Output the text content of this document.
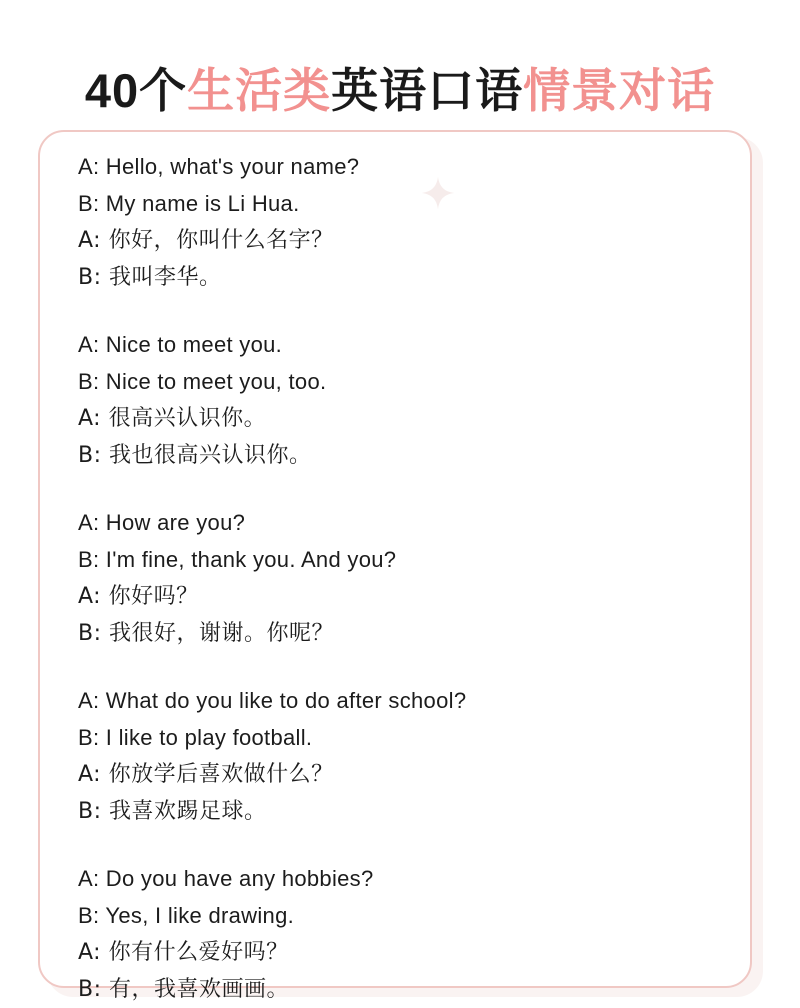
40个生活类英语口语情景对话
A: Hello, what's your name?
B: My name is Li Hua.
A: 你好，你叫什么名字？
B: 我叫李华。
A: Nice to meet you.
B: Nice to meet you, too.
A: 很高兴认识你。
B: 我也很高兴认识你。
A: How are you?
B: I'm fine, thank you. And you?
A: 你好吗？
B: 我很好，谢谢。你呢？
A: What do you like to do after school?
B: I like to play football.
A: 你放学后喜欢做什么？
B: 我喜欢踢足球。
A: Do you have any hobbies?
B: Yes, I like drawing.
A: 你有什么爱好吗？
B: 有，我喜欢画画。
